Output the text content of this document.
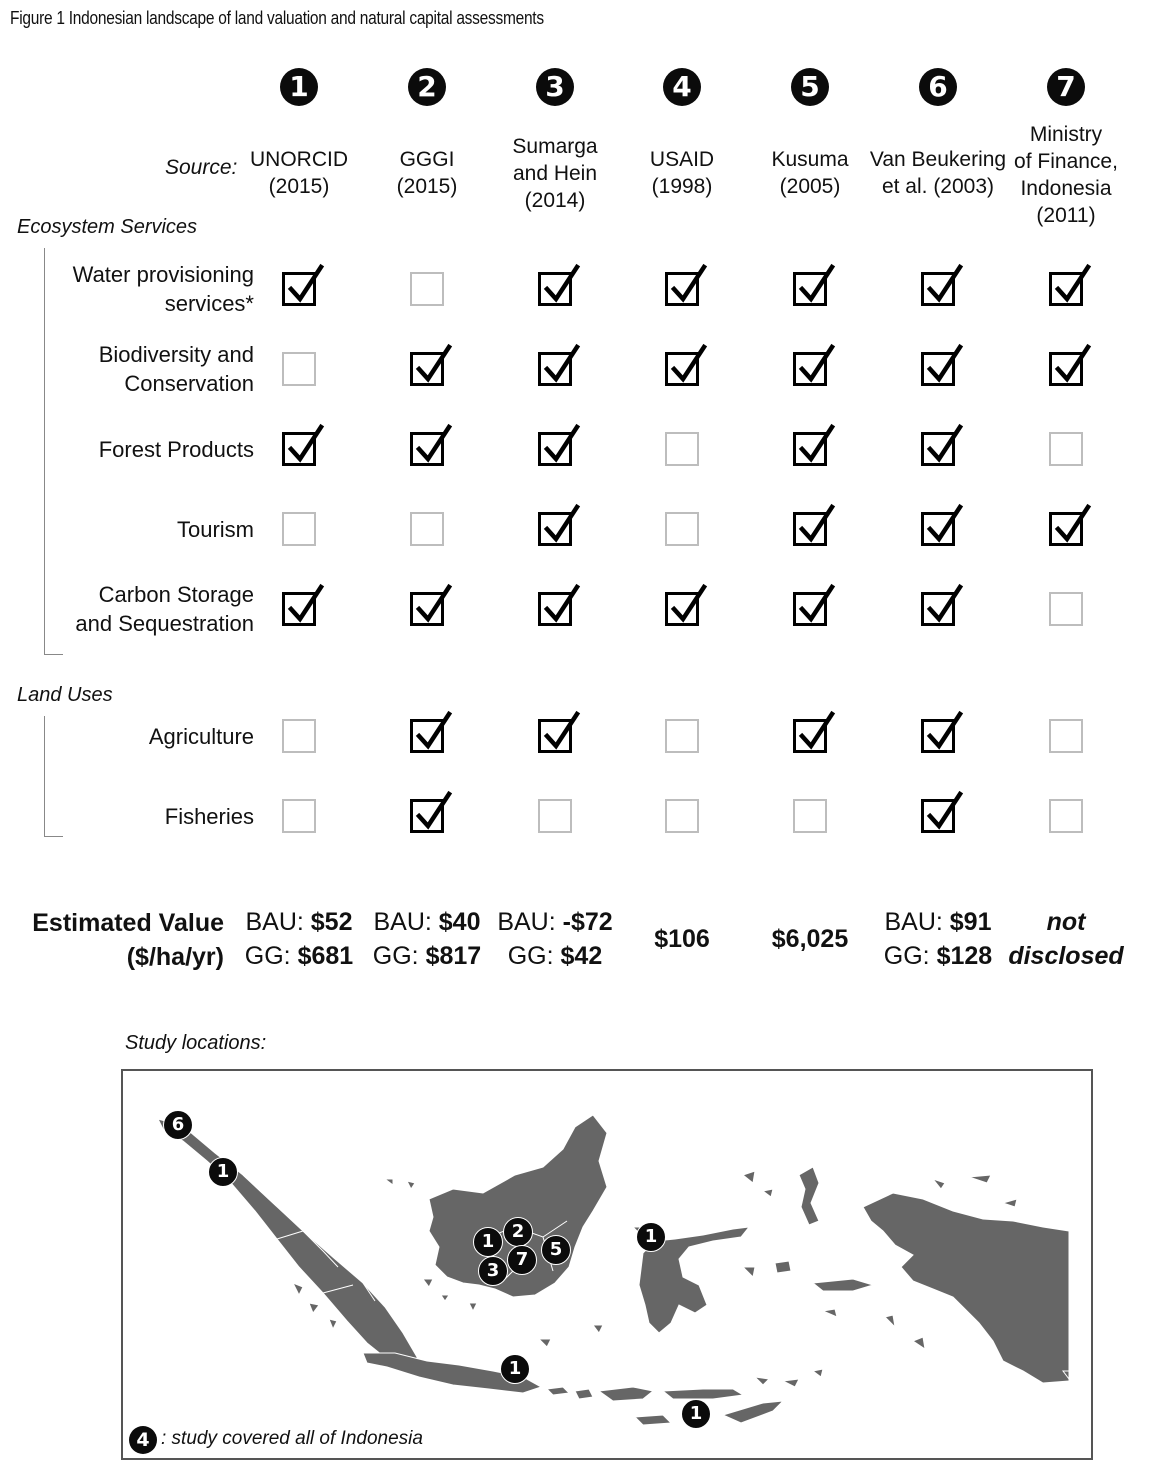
Figure 1 Indonesian landscape of land valuation and natural capital assessments
1
UNORCID
(2015)
2
GGGI
(2015)
3
Sumarga
and Hein
(2014)
4
USAID
(1998)
5
Kusuma
(2005)
6
Van Beukering
et al. (2003)
7
Ministry
of Finance,
Indonesia
(2011)
Source:
Ecosystem Services
Land Uses
Water provisioning
services*
Biodiversity and
Conservation
Forest Products
Tourism
Carbon Storage
and Sequestration
Agriculture
Fisheries
Estimated Value
($/ha/yr)
BAU: $52
GG: $681
BAU: $40
GG: $817
BAU: -$72
GG: $42
$106	$6,025
BAU: $91
GG: $128
not
disclosed
Study locations:
6
1
1 2
5
3
7
1
1
1
4 : study covered all of Indonesia
